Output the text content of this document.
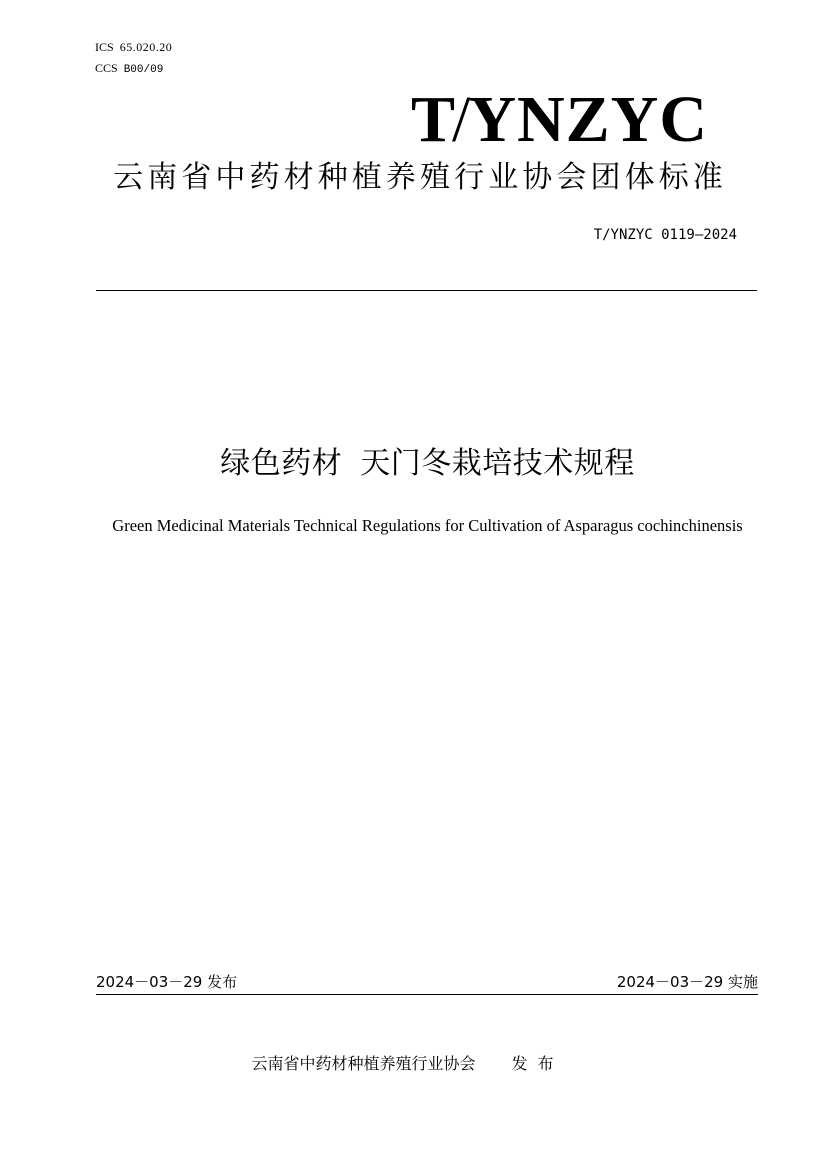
ICS 65.020.20
CCS B00/09
T/YNZYC
云南省中药材种植养殖行业协会团体标准
T/YNZYC 0119—2024
绿色药材 天门冬栽培技术规程
Green Medicinal Materials Technical Regulations for Cultivation of Asparagus cochinchinensis
2024－03－29 发布	2024－03－29 实施
云南省中药材种植养殖行业协会 发布
